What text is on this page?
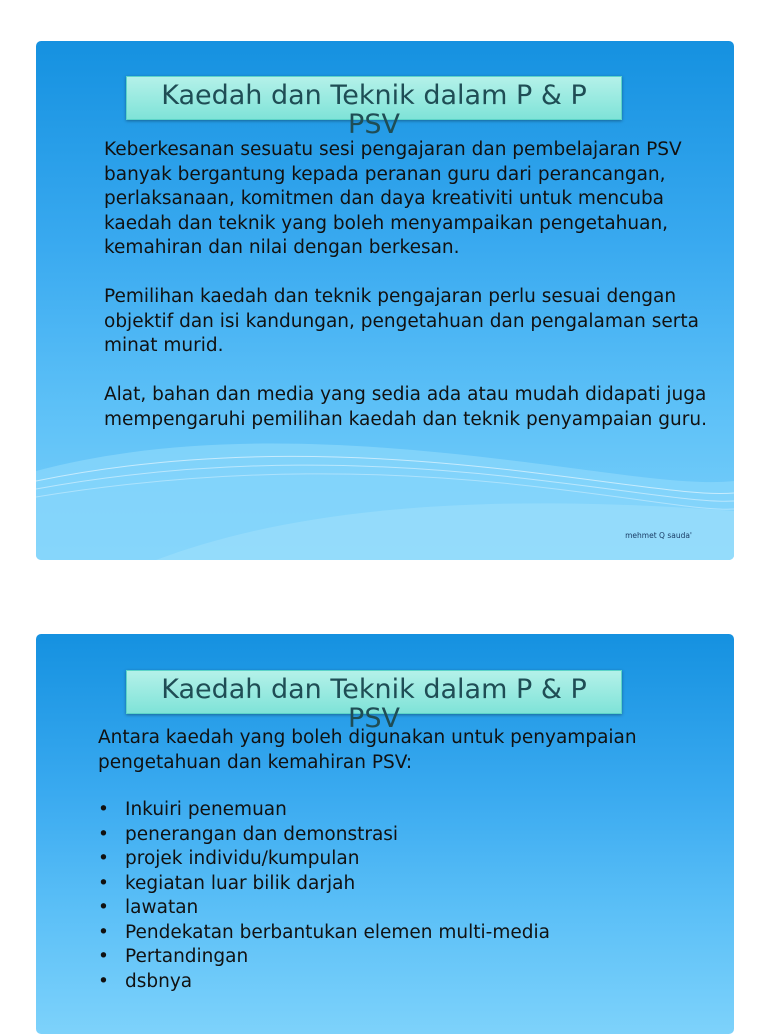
Kaedah dan Teknik dalam P & P
PSV
Keberkesanan sesuatu sesi pengajaran dan pembelajaran PSV
banyak bergantung kepada peranan guru dari perancangan,
perlaksanaan, komitmen dan daya kreativiti untuk mencuba
kaedah dan teknik yang boleh menyampaikan pengetahuan,
kemahiran dan nilai dengan berkesan.

Pemilihan kaedah dan teknik pengajaran perlu sesuai dengan
objektif dan isi kandungan, pengetahuan dan pengalaman serta
minat murid.

Alat, bahan dan media yang sedia ada atau mudah didapati juga
mempengaruhi pemilihan kaedah dan teknik penyampaian guru.
mehmet Q sauda'
Kaedah dan Teknik dalam P & P
PSV
Antara kaedah yang boleh digunakan untuk penyampaian
pengetahuan dan kemahiran PSV:
• Inkuiri penemuan
• penerangan dan demonstrasi
• projek individu/kumpulan
• kegiatan luar bilik darjah
• lawatan
• Pendekatan berbantukan elemen multi-media
• Pertandingan
• dsbnya
